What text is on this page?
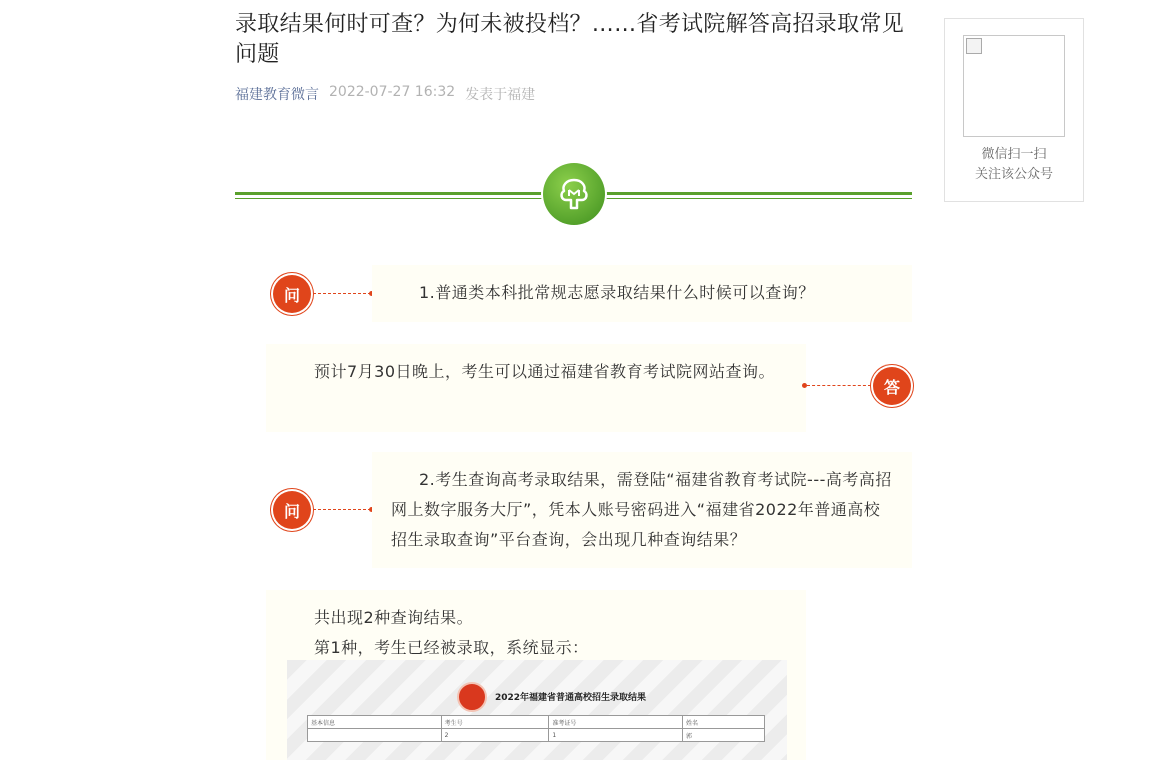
录取结果何时可查？为何未被投档？……省考试院解答高招录取常见问题
福建教育微言 2022-07-27 16:32 发表于福建
问	1.普通类本科批常规志愿录取结果什么时候可以查询？

预计7月30日晚上，考生可以通过福建省教育考试院网站查询。

答
问

2.考生查询高考录取结果，需登陆“福建省教育考试院---高考高招网上数字服务大厅”，凭本人账号密码进入“福建省2022年普通高校招生录取查询”平台查询，会出现几种查询结果？

共出现2种查询结果。

第1种，考生已经被录取，系统显示：

2022年福建省普通高校招生录取结果
基本信息	考生号	准考证号	姓名
	2	1	郭
微信扫一扫
关注该公众号
